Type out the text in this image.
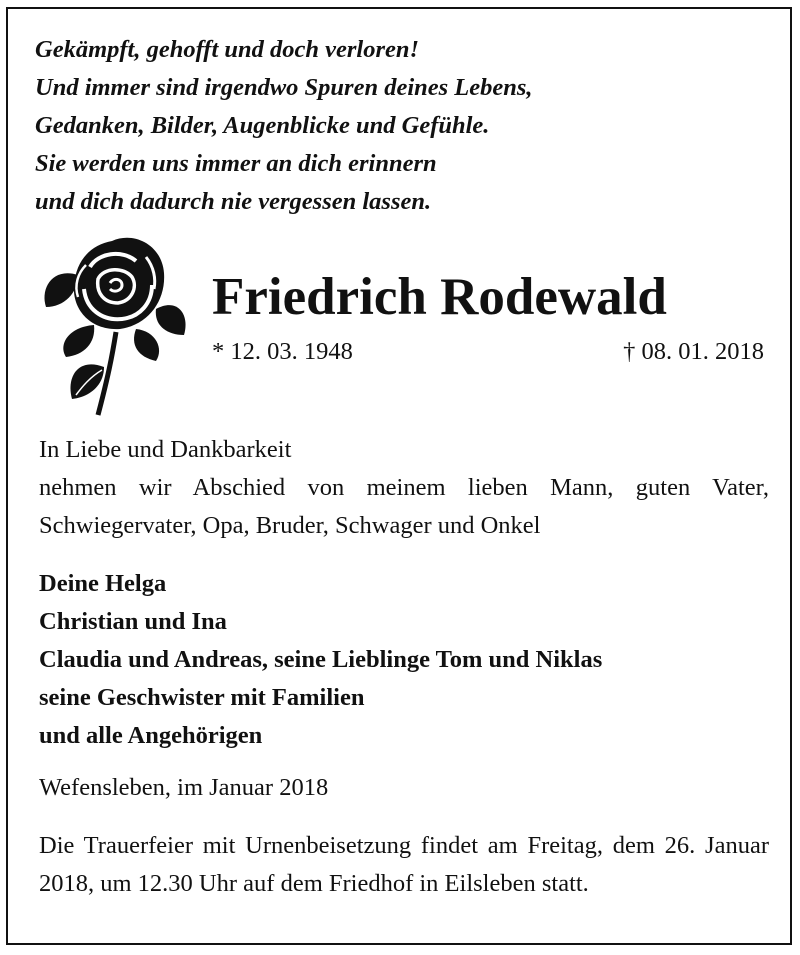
Gekämpft, gehofft und doch verloren!
Und immer sind irgendwo Spuren deines Lebens,
Gedanken, Bilder, Augenblicke und Gefühle.
Sie werden uns immer an dich erinnern
und dich dadurch nie vergessen lassen.
Friedrich Rodewald
* 12. 03. 1948	† 08. 01. 2018
In Liebe und Dankbarkeit
nehmen wir Abschied von meinem lieben Mann, guten Vater, Schwiegervater, Opa, Bruder, Schwager und Onkel
Deine Helga
Christian und Ina
Claudia und Andreas, seine Lieblinge Tom und Niklas
seine Geschwister mit Familien
und alle Angehörigen
Wefensleben, im Januar 2018
Die Trauerfeier mit Urnenbeisetzung findet am Freitag, dem 26. Januar 2018, um 12.30 Uhr auf dem Friedhof in Eilsleben statt.
